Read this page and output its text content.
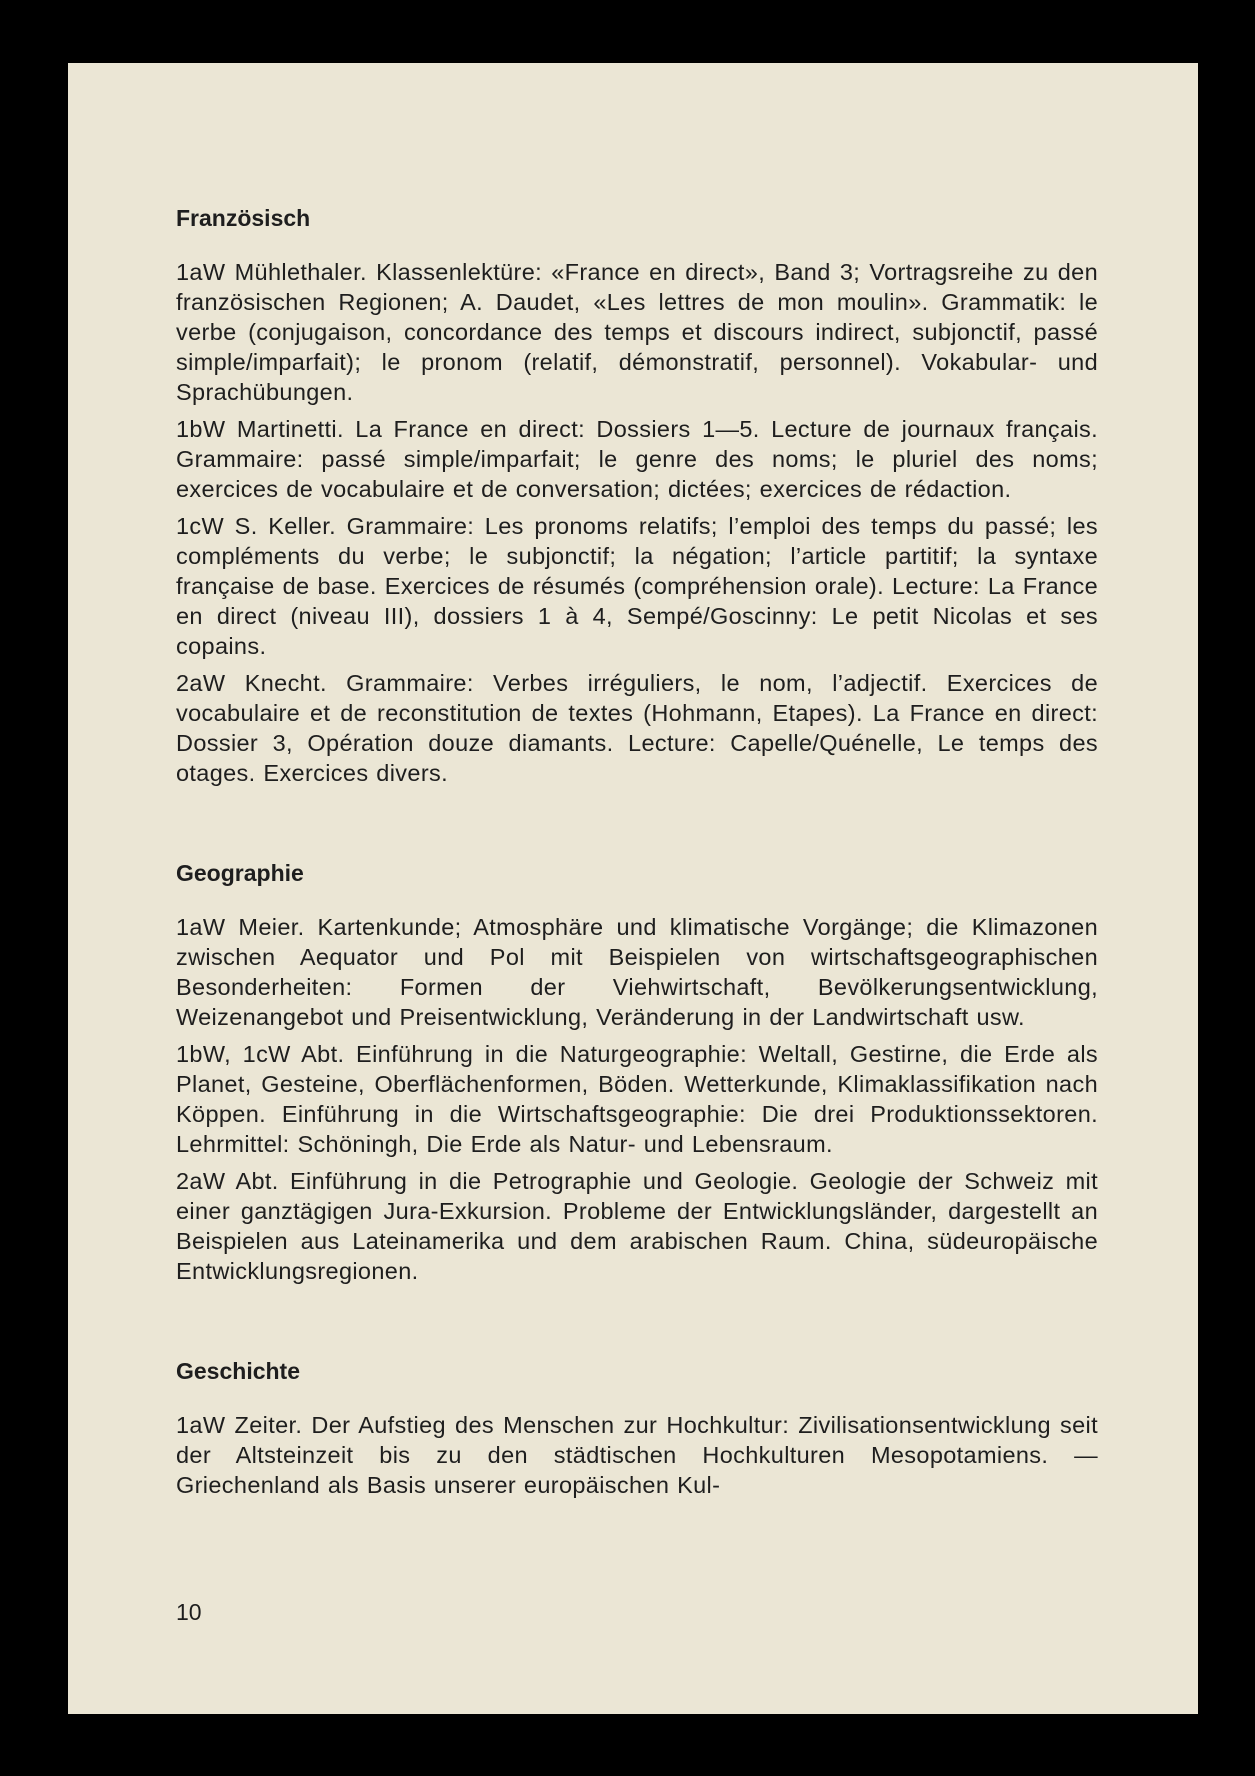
Französisch

1aW Mühlethaler. Klassenlektüre: «France en direct», Band 3; Vortragsreihe zu den französischen Regionen; A. Daudet, «Les lettres de mon moulin». Grammatik: le verbe (conjugaison, concordance des temps et discours indirect, subjonctif, passé simple/imparfait); le pronom (relatif, démonstratif, personnel). Vokabular- und Sprachübungen.

1bW Martinetti. La France en direct: Dossiers 1—5. Lecture de journaux français. Grammaire: passé simple/imparfait; le genre des noms; le pluriel des noms; exercices de vocabulaire et de conversation; dictées; exercices de rédaction.

1cW S. Keller. Grammaire: Les pronoms relatifs; l’emploi des temps du passé; les compléments du verbe; le subjonctif; la négation; l’article partitif; la syntaxe française de base. Exercices de résumés (compréhension orale). Lecture: La France en direct (niveau III), dossiers 1 à 4, Sempé/Goscinny: Le petit Nicolas et ses copains.

2aW Knecht. Grammaire: Verbes irréguliers, le nom, l’adjectif. Exercices de vocabulaire et de reconstitution de textes (Hohmann, Etapes). La France en direct: Dossier 3, Opération douze diamants. Lecture: Capelle/Quénelle, Le temps des otages. Exercices divers.

Geographie

1aW Meier. Kartenkunde; Atmosphäre und klimatische Vorgänge; die Klimazonen zwischen Aequator und Pol mit Beispielen von wirtschaftsgeographischen Besonderheiten: Formen der Viehwirtschaft, Bevölkerungsentwicklung, Weizenangebot und Preisentwicklung, Veränderung in der Landwirtschaft usw.

1bW, 1cW Abt. Einführung in die Naturgeographie: Weltall, Gestirne, die Erde als Planet, Gesteine, Oberflächenformen, Böden. Wetterkunde, Klimaklassifikation nach Köppen. Einführung in die Wirtschaftsgeographie: Die drei Produktionssektoren. Lehrmittel: Schöningh, Die Erde als Natur- und Lebensraum.

2aW Abt. Einführung in die Petrographie und Geologie. Geologie der Schweiz mit einer ganztägigen Jura-Exkursion. Probleme der Entwicklungsländer, dargestellt an Beispielen aus Lateinamerika und dem arabischen Raum. China, südeuropäische Entwicklungsregionen.

Geschichte

1aW Zeiter. Der Aufstieg des Menschen zur Hochkultur: Zivilisationsentwicklung seit der Altsteinzeit bis zu den städtischen Hochkulturen Mesopotamiens. — Griechenland als Basis unserer europäischen Kul-

10
